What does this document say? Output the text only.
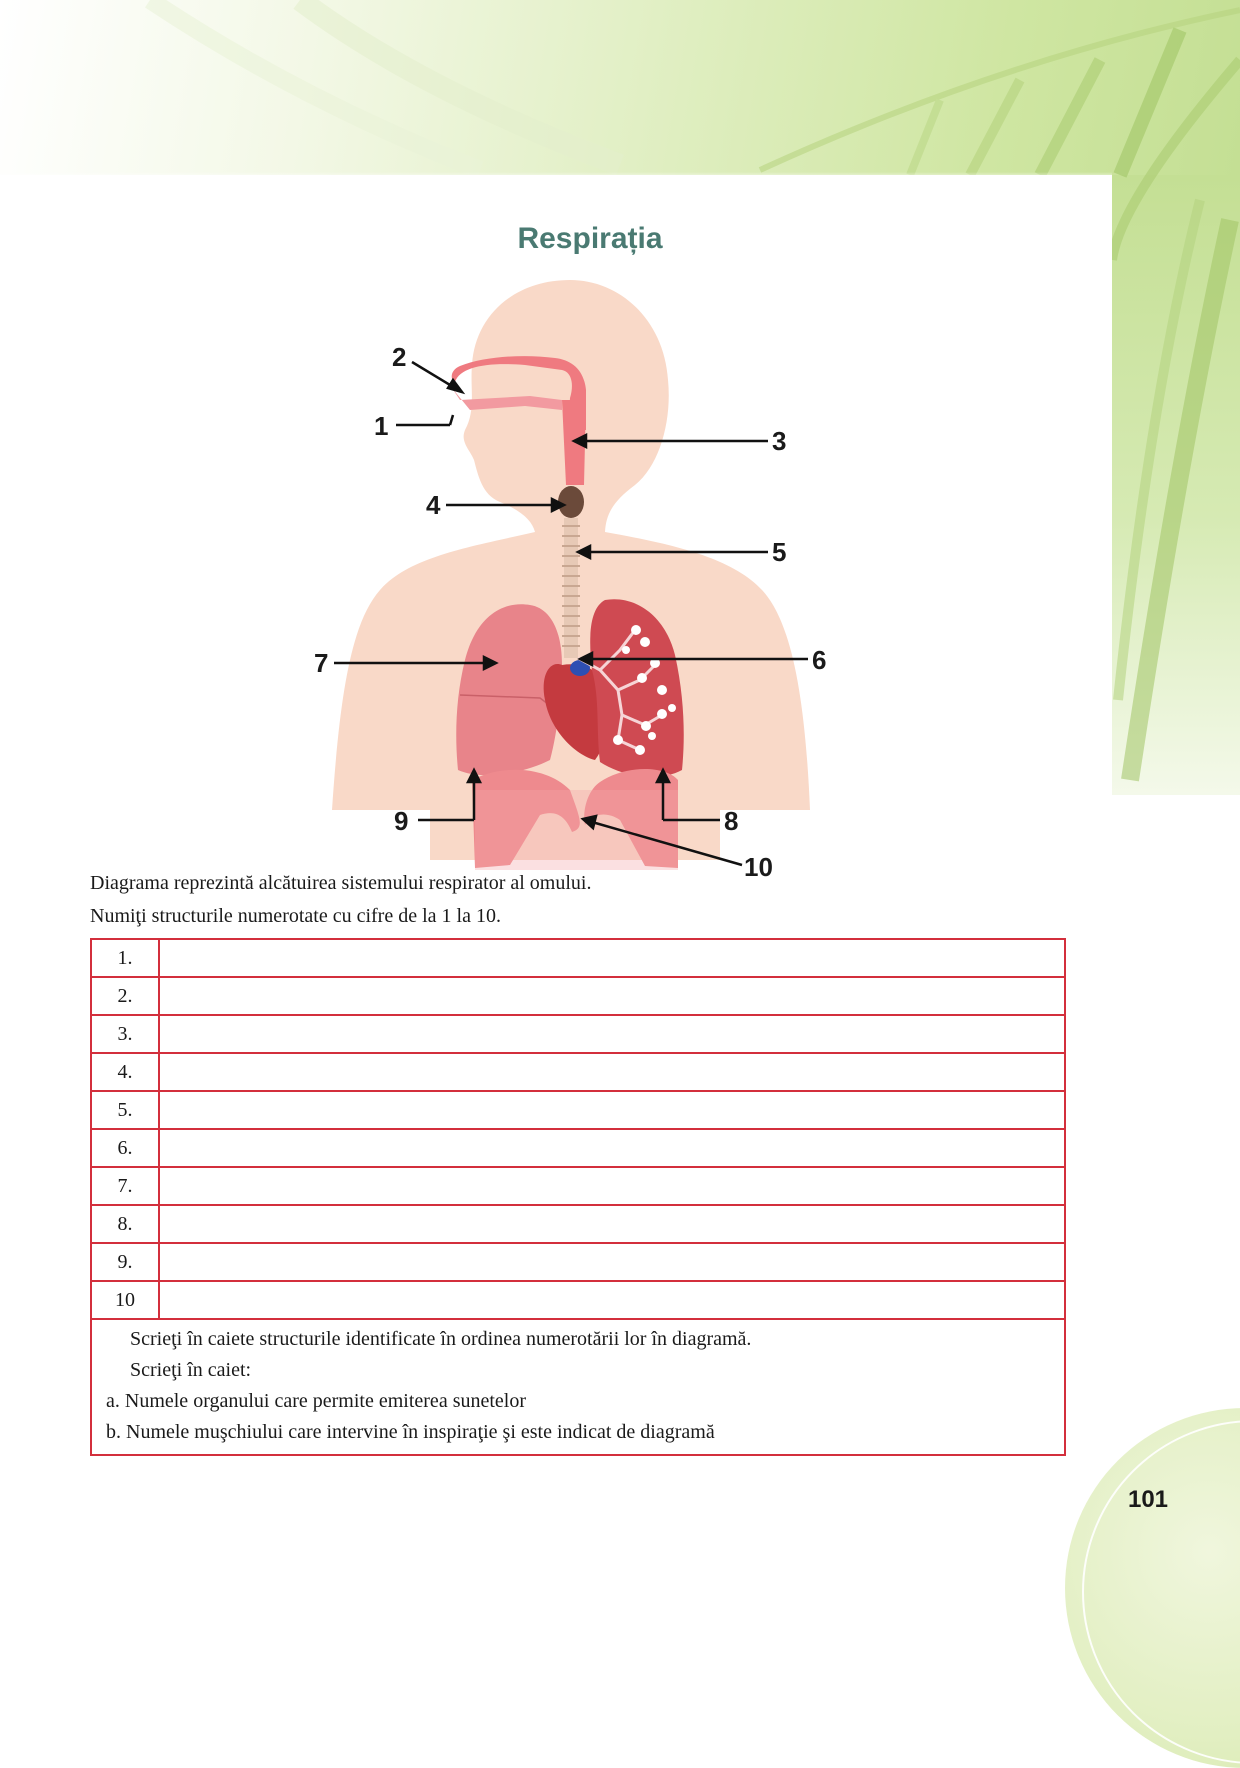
Respirația
1
2
3
4
5
6
7
8
9
10
Diagrama reprezintă alcătuirea sistemului respirator al omului.
Numiţi structurile numerotate cu cifre de la 1 la 10.
1.	
2.	
3.	
4.	
5.	
6.	
7.	
8.	
9.	
10	

Scrieţi în caiete structurile identificate în ordinea numerotării lor în diagramă.
Scrieţi în caiet:
a. Numele organului care permite emiterea sunetelor
b. Numele muşchiului care intervine în inspiraţie şi este indicat de diagramă	
101
